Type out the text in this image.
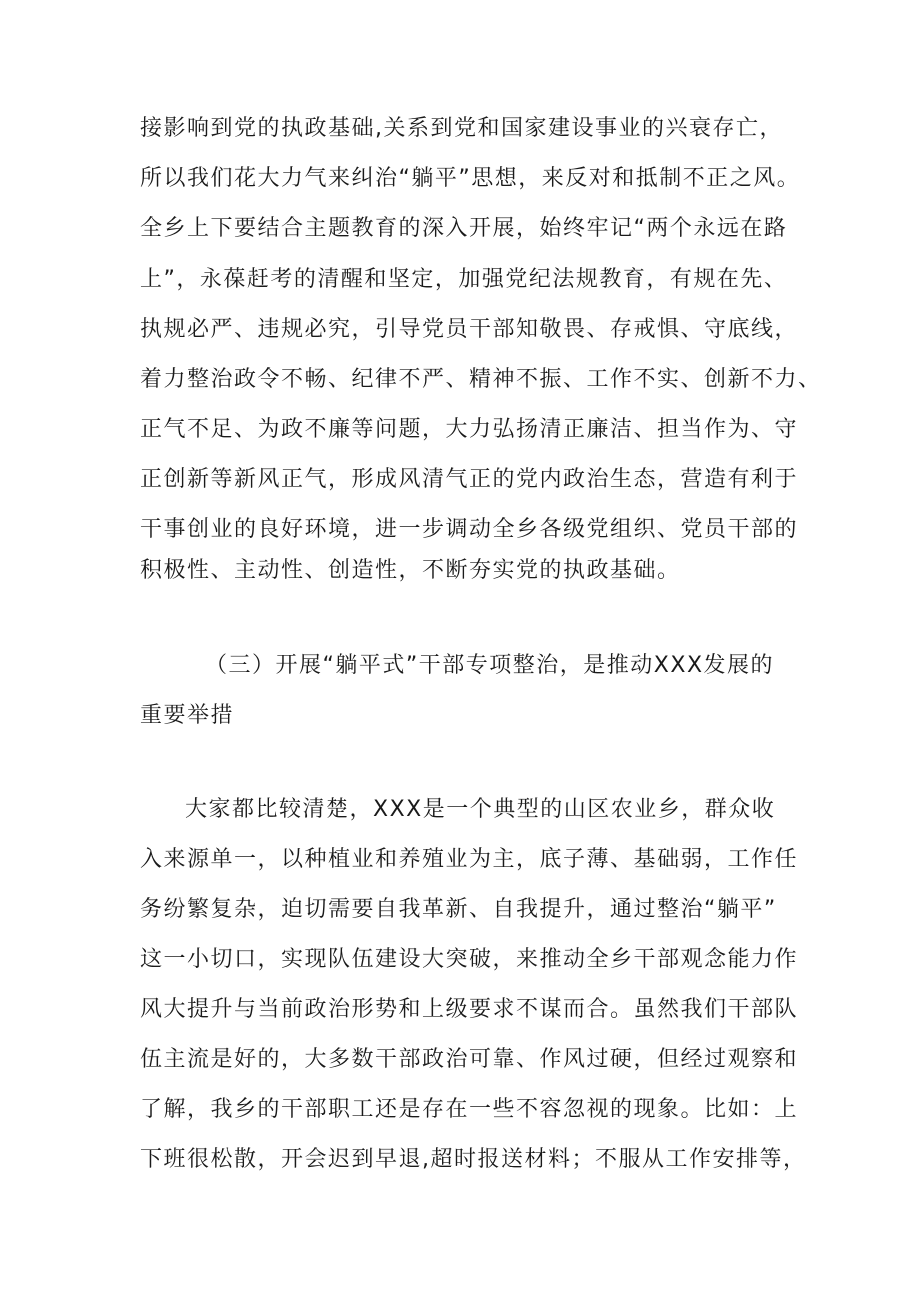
接影响到党的执政基础,关系到党和国家建设事业的兴衰存亡，
所以我们花大力气来纠治“躺平”思想，来反对和抵制不正之风。
全乡上下要结合主题教育的深入开展，始终牢记“两个永远在路
上”，永葆赶考的清醒和坚定，加强党纪法规教育，有规在先、
执规必严、违规必究，引导党员干部知敬畏、存戒惧、守底线，
着力整治政令不畅、纪律不严、精神不振、工作不实、创新不力、
正气不足、为政不廉等问题，大力弘扬清正廉洁、担当作为、守
正创新等新风正气，形成风清气正的党内政治生态，营造有利于
干事创业的良好环境，进一步调动全乡各级党组织、党员干部的
积极性、主动性、创造性，不断夯实党的执政基础。
（三）开展“躺平式”干部专项整治，是推动XXX发展的
重要举措
大家都比较清楚，XXX是一个典型的山区农业乡，群众收
入来源单一，以种植业和养殖业为主，底子薄、基础弱，工作任
务纷繁复杂，迫切需要自我革新、自我提升，通过整治“躺平”
这一小切口，实现队伍建设大突破，来推动全乡干部观念能力作
风大提升与当前政治形势和上级要求不谋而合。虽然我们干部队
伍主流是好的，大多数干部政治可靠、作风过硬，但经过观察和
了解，我乡的干部职工还是存在一些不容忽视的现象。比如：上
下班很松散，开会迟到早退,超时报送材料；不服从工作安排等，
